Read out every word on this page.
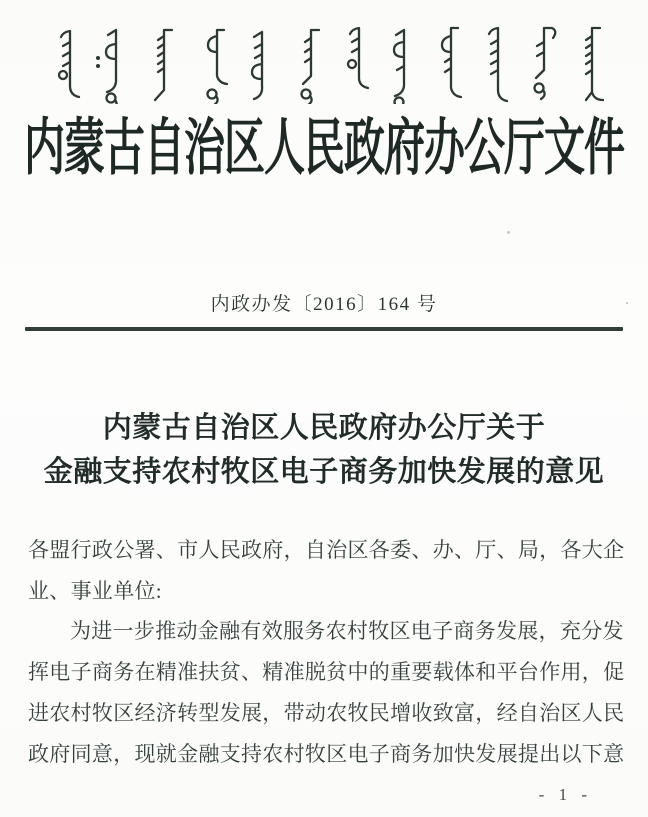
内蒙古自治区人民政府办公厅文件
内政办发〔2016〕164 号
内蒙古自治区人民政府办公厅关于
金融支持农村牧区电子商务加快发展的意见
各盟行政公署、市人民政府，自治区各委、办、厅、局，各大企
业、事业单位:
为进一步推动金融有效服务农村牧区电子商务发展，充分发
挥电子商务在精准扶贫、精准脱贫中的重要载体和平台作用，促
进农村牧区经济转型发展，带动农牧民增收致富，经自治区人民
政府同意，现就金融支持农村牧区电子商务加快发展提出以下意
- 1 -
